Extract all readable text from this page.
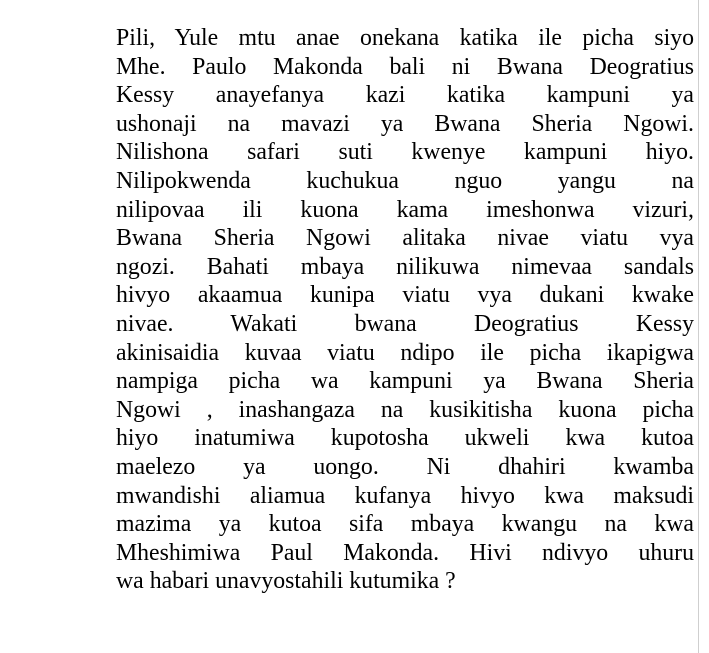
Pili, Yule mtu anae onekana katika ile picha siyo
Mhe. Paulo Makonda bali ni Bwana Deogratius
Kessy anayefanya kazi katika kampuni ya
ushonaji na mavazi ya Bwana Sheria Ngowi.
Nilishona safari suti kwenye kampuni hiyo.
Nilipokwenda kuchukua nguo yangu na
nilipovaa ili kuona kama imeshonwa vizuri,
Bwana Sheria Ngowi alitaka nivae viatu vya
ngozi. Bahati mbaya nilikuwa nimevaa sandals
hivyo akaamua kunipa viatu vya dukani kwake
nivae. Wakati bwana Deogratius Kessy
akinisaidia kuvaa viatu ndipo ile picha ikapigwa
nampiga picha wa kampuni ya Bwana Sheria
Ngowi , inashangaza na kusikitisha kuona picha
hiyo inatumiwa kupotosha ukweli kwa kutoa
maelezo ya uongo. Ni dhahiri kwamba
mwandishi aliamua kufanya hivyo kwa maksudi
mazima ya kutoa sifa mbaya kwangu na kwa
Mheshimiwa Paul Makonda. Hivi ndivyo uhuru
wa habari unavyostahili kutumika ?
